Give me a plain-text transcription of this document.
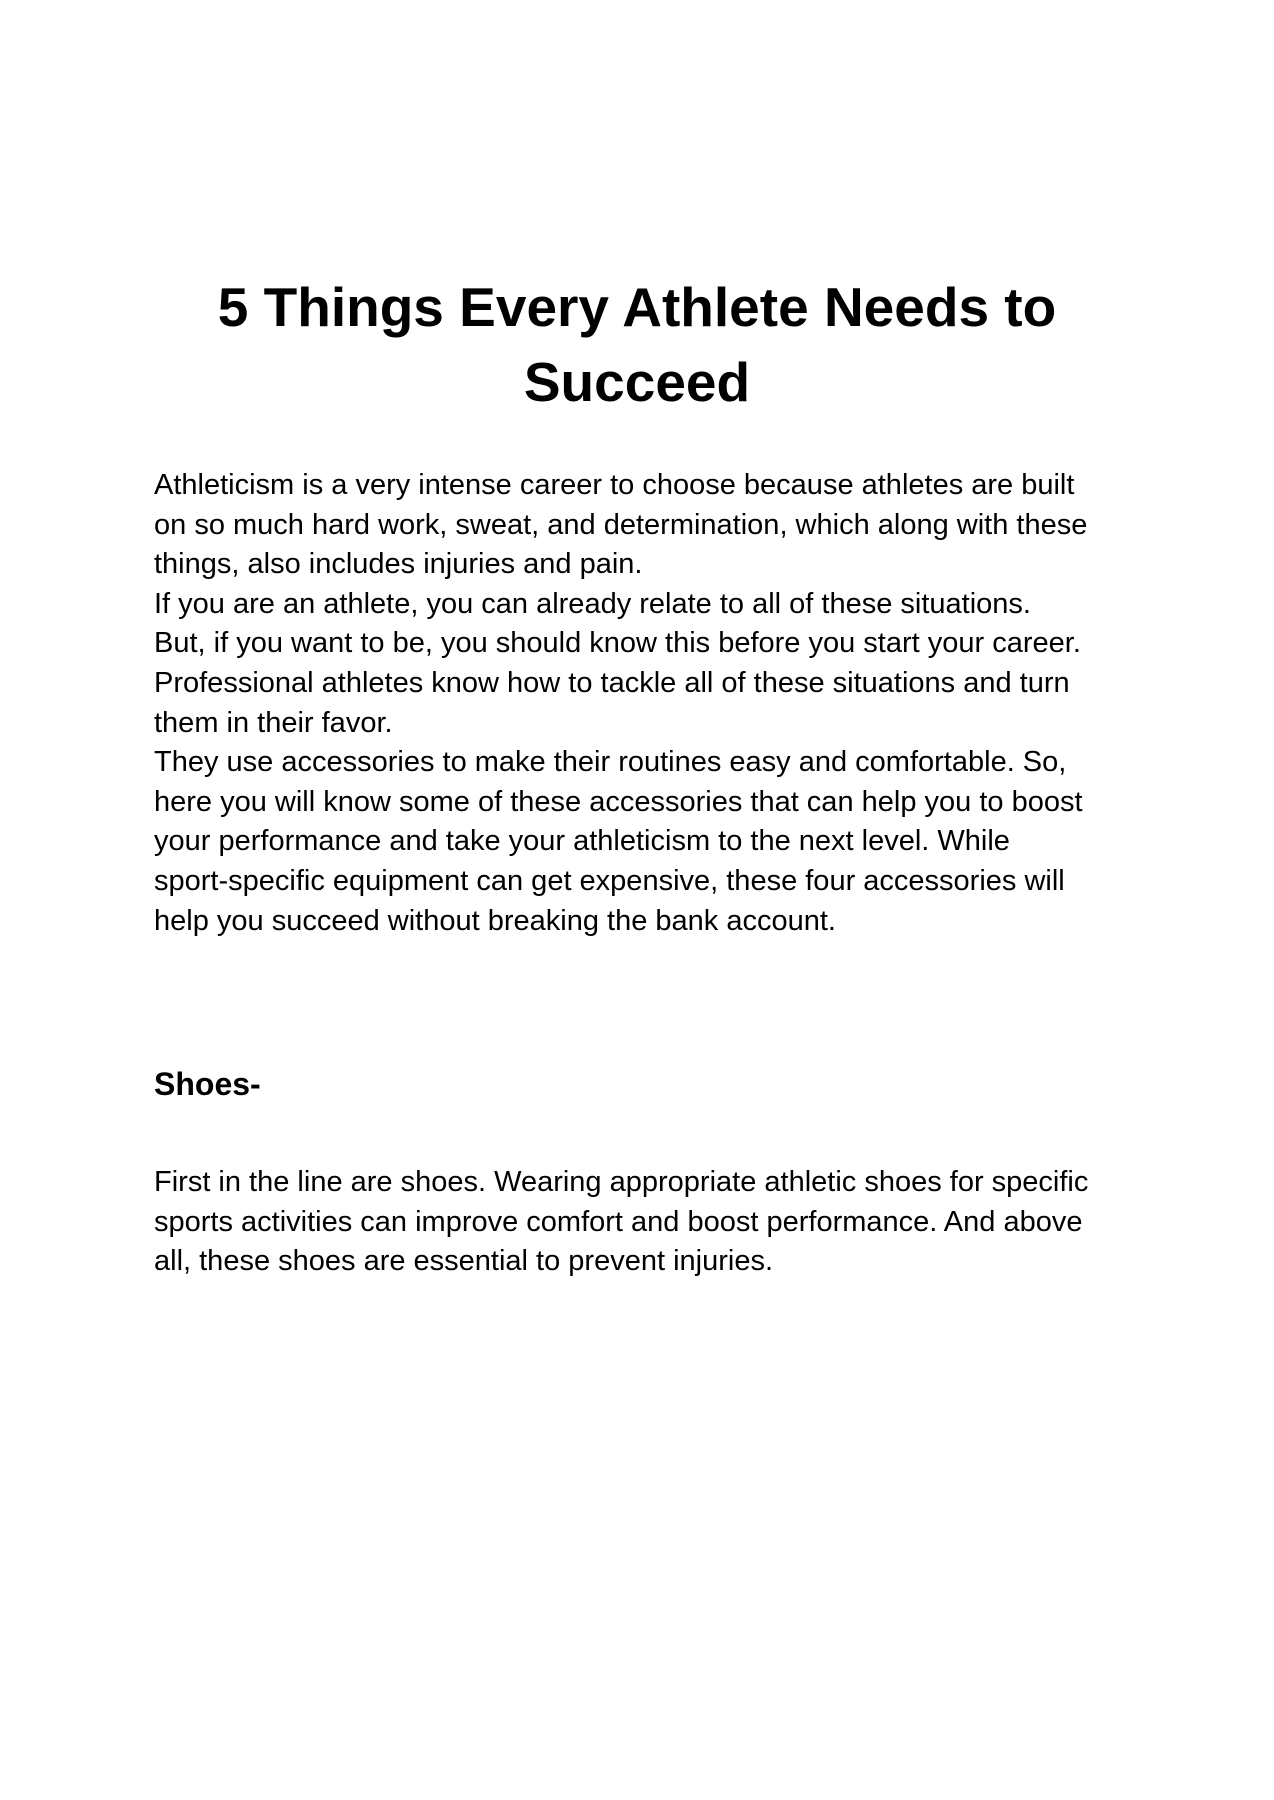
5 Things Every Athlete Needs to
Succeed

Athleticism is a very intense career to choose because athletes are built

on so much hard work, sweat, and determination, which along with these

things, also includes injuries and pain.

If you are an athlete, you can already relate to all of these situations.

But, if you want to be, you should know this before you start your career.

Professional athletes know how to tackle all of these situations and turn

them in their favor.

They use accessories to make their routines easy and comfortable. So,

here you will know some of these accessories that can help you to boost

your performance and take your athleticism to the next level. While

sport-specific equipment can get expensive, these four accessories will

help you succeed without breaking the bank account.

Shoes-

First in the line are shoes. Wearing appropriate athletic shoes for specific

sports activities can improve comfort and boost performance. And above

all, these shoes are essential to prevent injuries.
